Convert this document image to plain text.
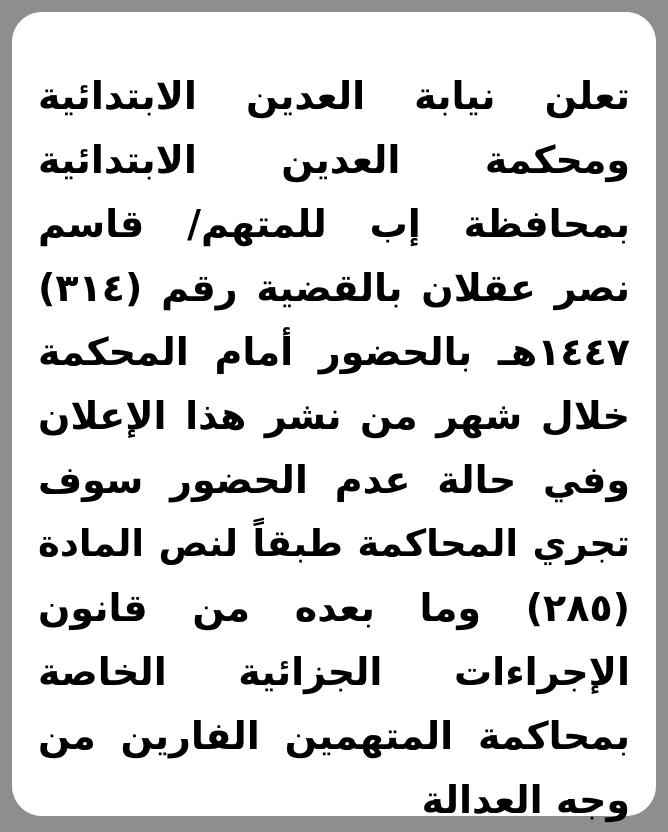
تعلن نيابة العدين الابتدائية
ومحكمة العدين الابتدائية
بمحافظة إب للمتهم/ قاسم
نصر عقلان بالقضية رقم (٣١٤)
١٤٤٧هـ بالحضور أمام المحكمة
خلال شهر من نشر هذا الإعلان
وفي حالة عدم الحضور سوف
تجري المحاكمة طبقاً لنص المادة
(٢٨٥) وما بعده من قانون
الإجراءات الجزائية الخاصة
بمحاكمة المتهمين الفارين من
وجه العدالة
